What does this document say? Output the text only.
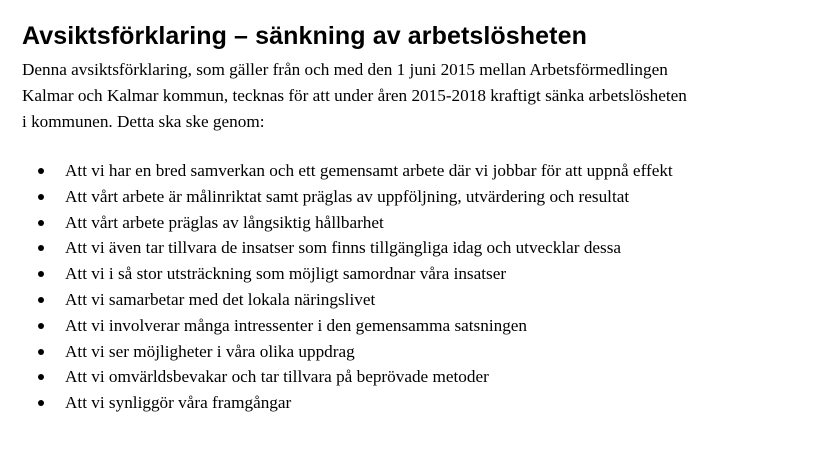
Avsiktsförklaring – sänkning av arbetslösheten

Denna avsiktsförklaring, som gäller från och med den 1 juni 2015 mellan Arbetsförmedlingen
Kalmar och Kalmar kommun, tecknas för att under åren 2015-2018 kraftigt sänka arbetslösheten
i kommunen. Detta ska ske genom:

Att vi har en bred samverkan och ett gemensamt arbete där vi jobbar för att uppnå effekt
Att vårt arbete är målinriktat samt präglas av uppföljning, utvärdering och resultat
Att vårt arbete präglas av långsiktig hållbarhet
Att vi även tar tillvara de insatser som finns tillgängliga idag och utvecklar dessa
Att vi i så stor utsträckning som möjligt samordnar våra insatser
Att vi samarbetar med det lokala näringslivet
Att vi involverar många intressenter i den gemensamma satsningen
Att vi ser möjligheter i våra olika uppdrag
Att vi omvärldsbevakar och tar tillvara på beprövade metoder
Att vi synliggör våra framgångar
